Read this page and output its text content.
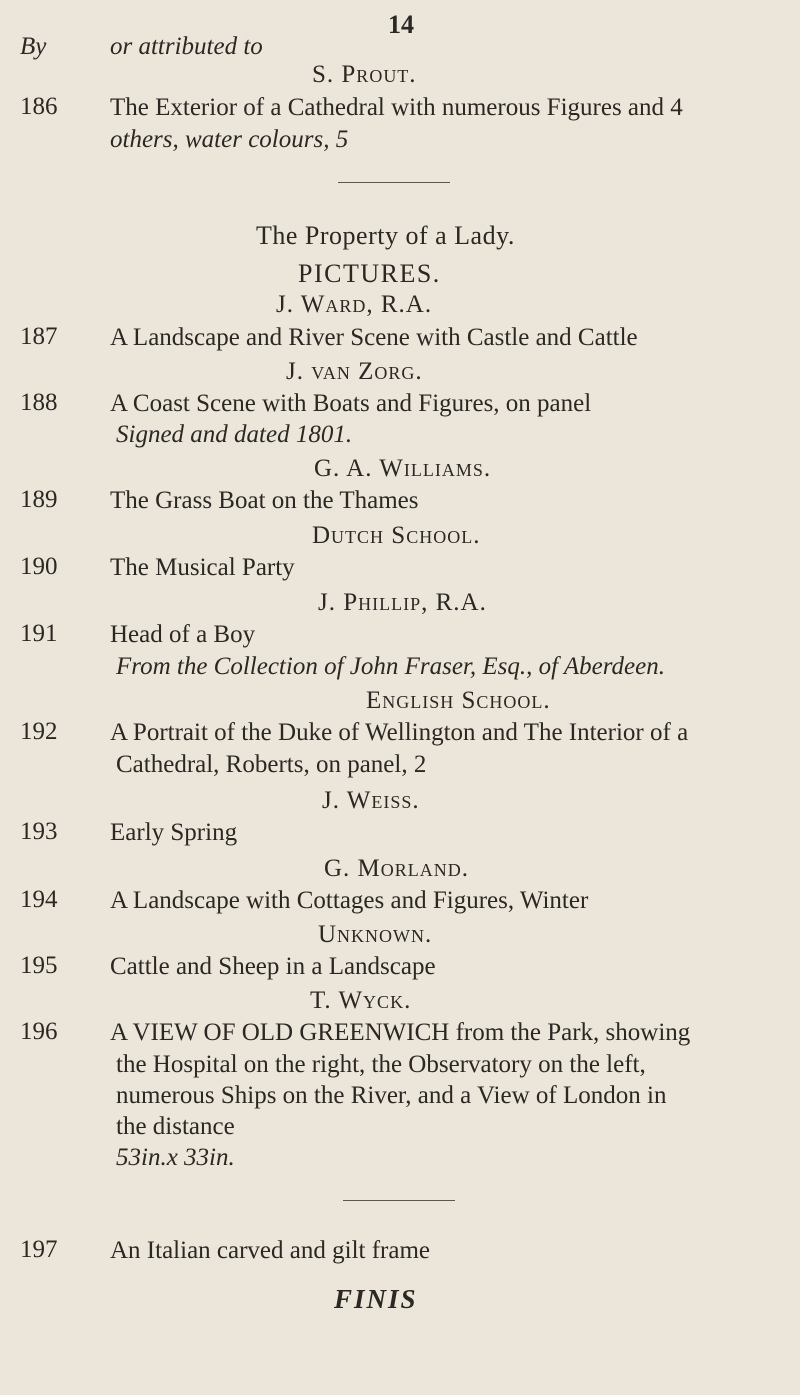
14
By	or attributed to
S. Prout.
186 The Exterior of a Cathedral with numerous Figures and 4
others, water colours, 5
The Property of a Lady.
PICTURES.
J. Ward, R.A.
187 A Landscape and River Scene with Castle and Cattle
J. van Zorg.
188 A Coast Scene with Boats and Figures, on panel
Signed and dated 1801.
G. A. Williams.
189 The Grass Boat on the Thames
Dutch School.
190 The Musical Party
J. Phillip, R.A.
191 Head of a Boy
From the Collection of John Fraser, Esq., of Aberdeen.
English School.
192 A Portrait of the Duke of Wellington and The Interior of a
Cathedral, Roberts, on panel, 2
J. Weiss.
193 Early Spring
G. Morland.
194 A Landscape with Cottages and Figures, Winter
Unknown.
195 Cattle and Sheep in a Landscape
T. Wyck.
196 A VIEW OF OLD GREENWICH from the Park, showing
the Hospital on the right, the Observatory on the left,
numerous Ships on the River, and a View of London in
the distance
53in.x 33in.
197 An Italian carved and gilt frame
FINIS
